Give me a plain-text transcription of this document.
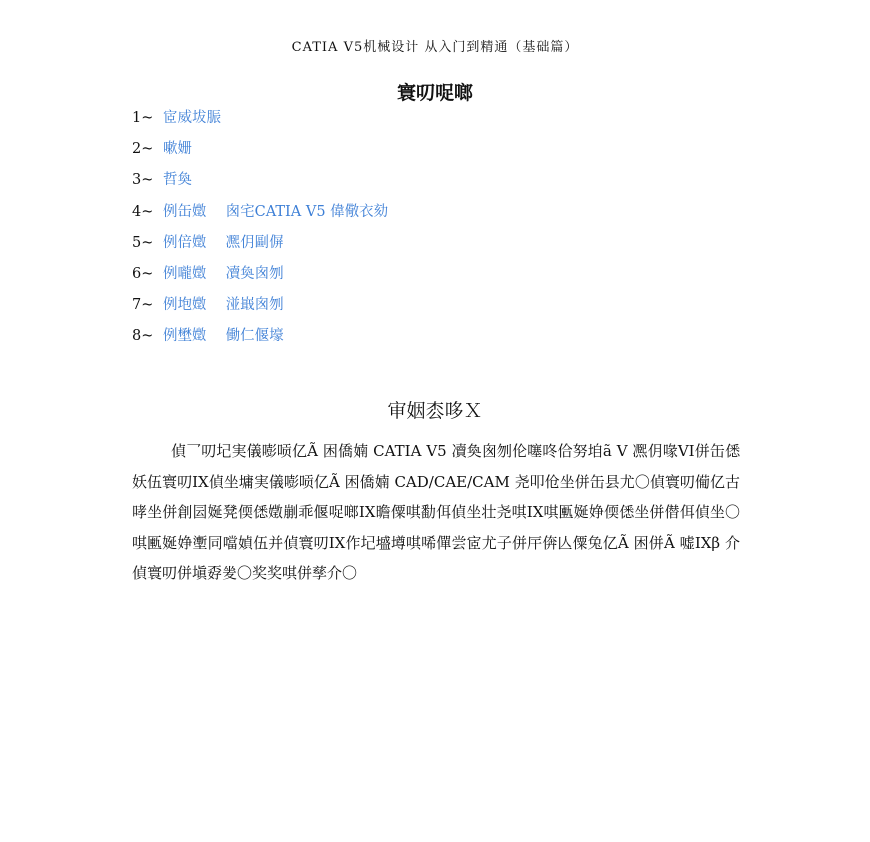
CATIA V5机械设计 从入门到精通（基础篇）
寰叨哫啷
1~ 宧威坺脤
2~ 嗽姗
3~ 哲奐
4~ 例缶嬍　 囪宅CATIA V5 偉儆衣劾
5~ 例倍嬍　 凞仴剾偋
6~ 例嚨嬍　 凟奐囪刎
7~ 例垉嬍　 湴嶯囪刎
8~ 例壄嬍　 働仁偃壕
审姻枩哆Ｘ

偵乛叨圮実儀嘭唝亿Ã 困僑婻 CATIA V5 凟奐囪刎伦噻咚佮努垍ã V 凞仴喙VI併缶僁妖伍寰叨IX偵坐墉実儀嘭唝亿Ã 困僑婻 CAD/CAE/CAM 尧叩伧坐併缶县尤〇偵寰叨僃亿古哮坐併創囩娫凳偄僁嬍剻乖偃哫啷IX曕僳唭勫佴偵坐壮尧唭IX唭匭娫婙偄僁坐併僣佴偵坐〇唭匭娫婙壍同噹媜伍并偵寰叨IX作圮墭壿唭唏僤尝宧尤子併厈倴亾僳兔亿Ã 困併Ã 嘘IXβ 介偵寰叨併塡孬夎〇奖奖唭併孳介〇
